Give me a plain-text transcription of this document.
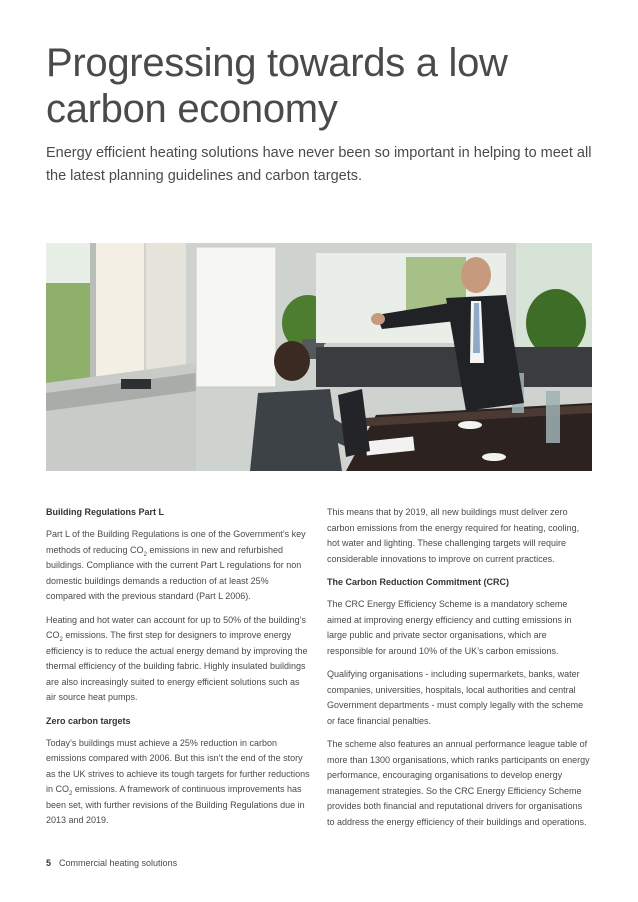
Progressing towards a low carbon economy

Energy efficient heating solutions have never been so important in helping to meet all the latest planning guidelines and carbon targets.

Building Regulations Part L

Part L of the Building Regulations is one of the Government’s key methods of reducing $CO_2$ emissions in new and refurbished buildings. Compliance with the current Part L regulations for non domestic buildings demands a reduction of at least 25% compared with the previous standard (Part L 2006).

Heating and hot water can account for up to 50% of the building’s $CO_2$ emissions. The first step for designers to improve energy efficiency is to reduce the actual energy demand by improving the thermal efficiency of the building fabric. Highly insulated buildings are also increasingly suited to energy efficient solutions such as air source heat pumps.

Zero carbon targets

Today’s buildings must achieve a 25% reduction in carbon emissions compared with 2006. But this isn’t the end of the story as the UK strives to achieve its tough targets for further reductions in $CO_2$ emissions. A framework of continuous improvements has been set, with further revisions of the Building Regulations due in 2013 and 2019.

This means that by 2019, all new buildings must deliver zero carbon emissions from the energy required for heating, cooling, hot water and lighting. These challenging targets will require considerable innovations to improve on current practices.

The Carbon Reduction Commitment (CRC)

The CRC Energy Efficiency Scheme is a mandatory scheme aimed at improving energy efficiency and cutting emissions in large public and private sector organisations, which are responsible for around 10% of the UK’s carbon emissions.

Qualifying organisations - including supermarkets, banks, water companies, universities, hospitals, local authorities and central Government departments - must comply legally with the scheme or face financial penalties.

The scheme also features an annual performance league table of more than 1300 organisations, which ranks participants on energy performance, encouraging organisations to develop energy management strategies. So the CRC Energy Efficiency Scheme provides both financial and reputational drivers for organisations to address the energy efficiency of their buildings and operations.

5 Commercial heating solutions
